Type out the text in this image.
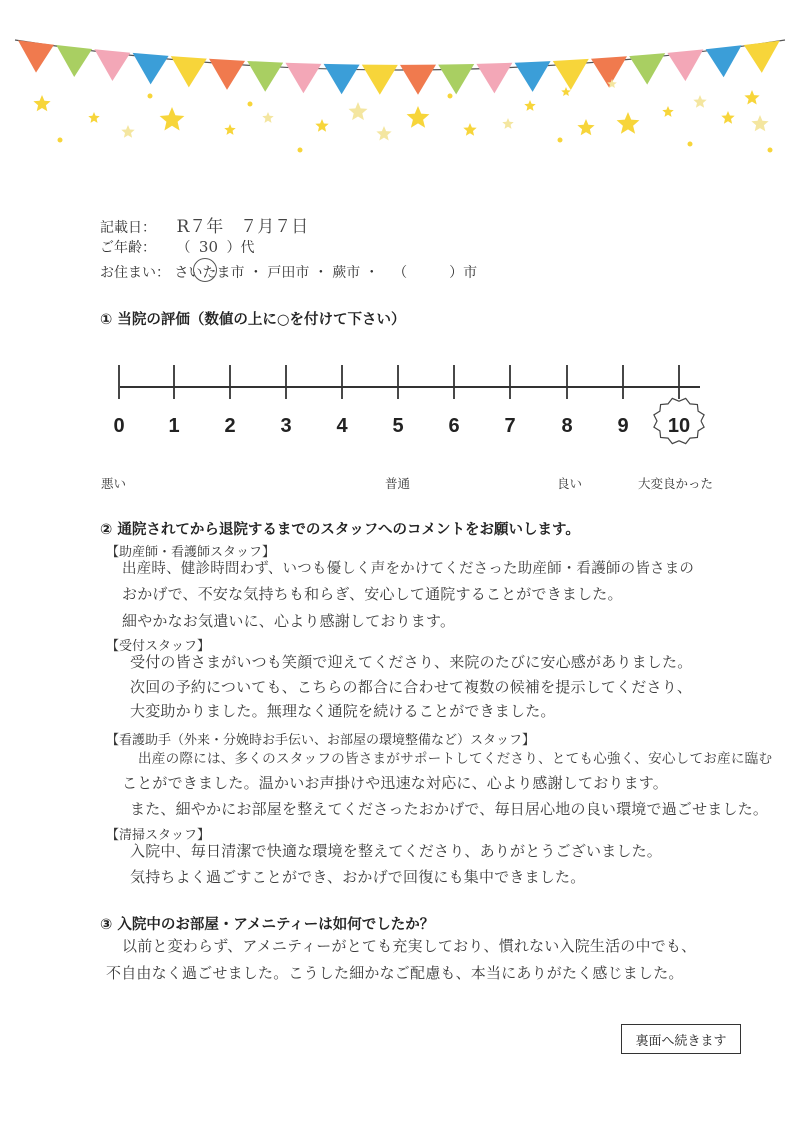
記載日： R７年　７月７日
ご年齢： （ 30 ）代
お住まい： さいたま市 ・ 戸田市 ・ 蕨市 ・ （　　　）市
① 当院の評価（数値の上に○を付けて下さい）
0 1 2 3 4 5 6 7 8 9 10
悪い	普通	良い	大変良かった
② 通院されてから退院するまでのスタッフへのコメントをお願いします。
【助産師・看護師スタッフ】
出産時、健診時問わず、いつも優しく声をかけてくださった助産師・看護師の皆さまの
おかげで、不安な気持ちも和らぎ、安心して通院することができました。
細やかなお気遣いに、心より感謝しております。
【受付スタッフ】
受付の皆さまがいつも笑顔で迎えてくださり、来院のたびに安心感がありました。
次回の予約についても、こちらの都合に合わせて複数の候補を提示してくださり、
大変助かりました。無理なく通院を続けることができました。
【看護助手（外来・分娩時お手伝い、お部屋の環境整備など）スタッフ】
出産の際には、多くのスタッフの皆さまがサポートしてくださり、とても心強く、安心してお産に臨む
ことができました。温かいお声掛けや迅速な対応に、心より感謝しております。
また、細やかにお部屋を整えてくださったおかげで、毎日居心地の良い環境で過ごせました。
【清掃スタッフ】
入院中、毎日清潔で快適な環境を整えてくださり、ありがとうございました。
気持ちよく過ごすことができ、おかげで回復にも集中できました。
③ 入院中のお部屋・アメニティーは如何でしたか？
以前と変わらず、アメニティーがとても充実しており、慣れない入院生活の中でも、
不自由なく過ごせました。こうした細かなご配慮も、本当にありがたく感じました。
裏面へ続きます
